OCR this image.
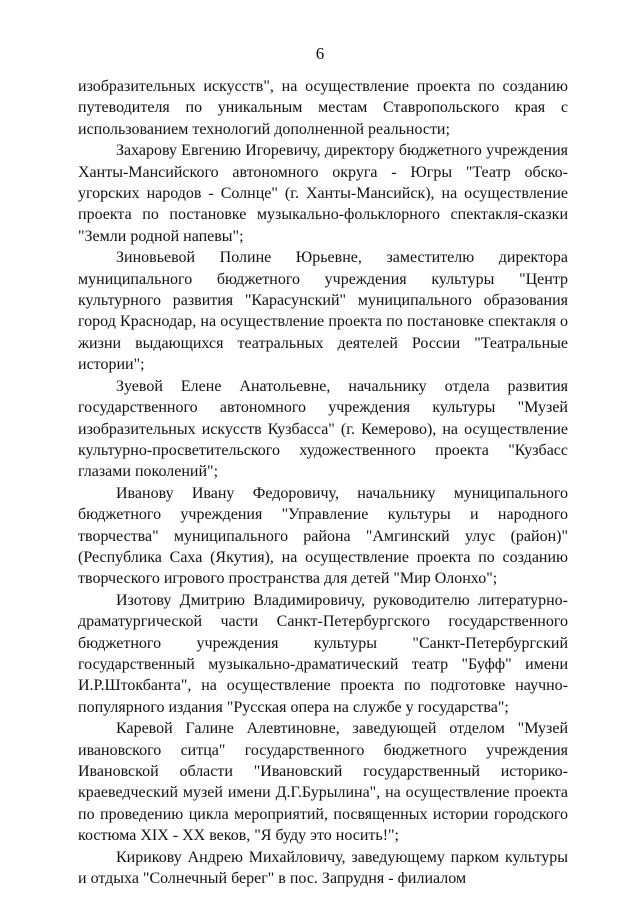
6

изобразительных искусств", на осуществление проекта по созданию путеводителя по уникальным местам Ставропольского края с использованием технологий дополненной реальности;

Захарову Евгению Игоревичу, директору бюджетного учреждения Ханты-Мансийского автономного округа - Югры "Театр обско-угорских народов - Солнце" (г. Ханты-Мансийск), на осуществление проекта по постановке музыкально-фольклорного спектакля-сказки "Земли родной напевы";

Зиновьевой Полине Юрьевне, заместителю директора муниципального бюджетного учреждения культуры "Центр культурного развития "Карасунский" муниципального образования город Краснодар, на осуществление проекта по постановке спектакля о жизни выдающихся театральных деятелей России "Театральные истории";

Зуевой Елене Анатольевне, начальнику отдела развития государственного автономного учреждения культуры "Музей изобразительных искусств Кузбасса" (г. Кемерово), на осуществление культурно-просветительского художественного проекта "Кузбасс глазами поколений";

Иванову Ивану Федоровичу, начальнику муниципального бюджетного учреждения "Управление культуры и народного творчества" муниципального района "Амгинский улус (район)" (Республика Саха (Якутия), на осуществление проекта по созданию творческого игрового пространства для детей "Мир Олонхо";

Изотову Дмитрию Владимировичу, руководителю литературно-драматургической части Санкт-Петербургского государственного бюджетного учреждения культуры "Санкт-Петербургский государственный музыкально-драматический театр "Буфф" имени И.Р.Штокбанта", на осуществление проекта по подготовке научно-популярного издания "Русская опера на службе у государства";

Каревой Галине Алевтиновне, заведующей отделом "Музей ивановского ситца" государственного бюджетного учреждения Ивановской области "Ивановский государственный историко-краеведческий музей имени Д.Г.Бурылина", на осуществление проекта по проведению цикла мероприятий, посвященных истории городского костюма XIX - XX веков, "Я буду это носить!";

Кирикову Андрею Михайловичу, заведующему парком культуры и отдыха "Солнечный берег" в пос. Запрудня - филиалом
